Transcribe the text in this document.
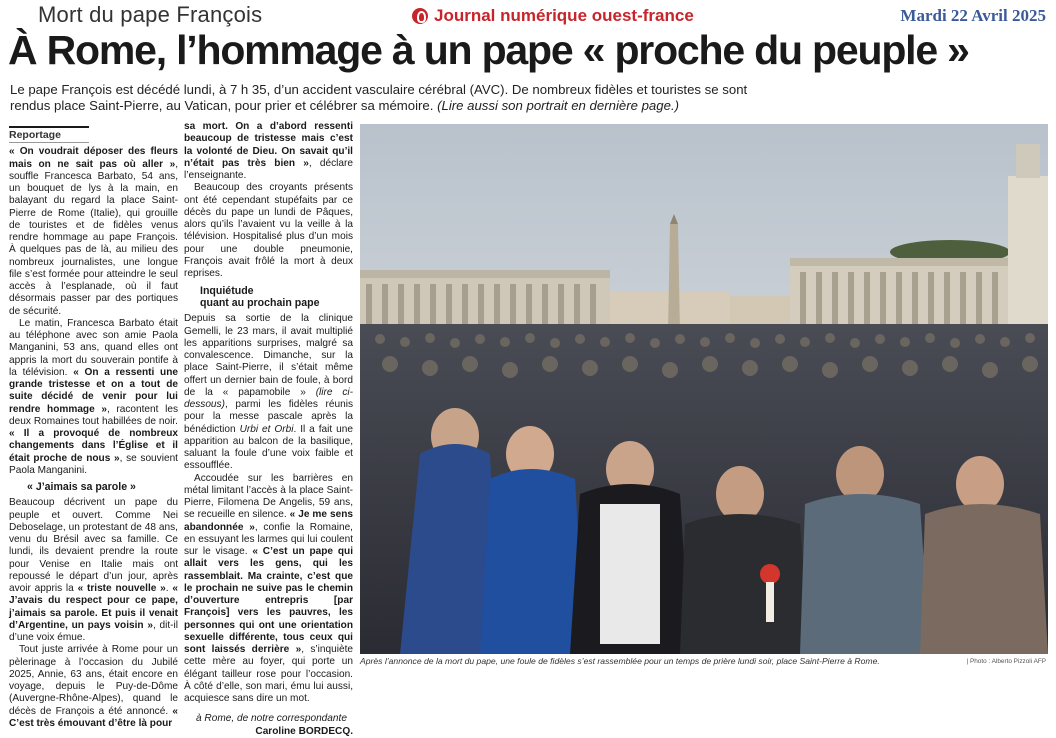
Mort du pape François	Journal numérique ouest-france	Mardi 22 Avril 2025
À Rome, l’hommage à un pape « proche du peuple »
Le pape François est décédé lundi, à 7 h 35, d’un accident vasculaire cérébral (AVC). De nombreux fidèles et touristes se sont rendus place Saint-Pierre, au Vatican, pour prier et célébrer sa mémoire. (Lire aussi son portrait en dernière page.)
Reportage

« On voudrait déposer des fleurs mais on ne sait pas où aller », souffle Francesca Barbato, 54 ans, un bouquet de lys à la main, en balayant du regard la place Saint-Pierre de Rome (Italie), qui grouille de touristes et de fidèles venus rendre hommage au pape François. À quelques pas de là, au milieu des nombreux journalistes, une longue file s’est formée pour atteindre le seul accès à l’esplanade, où il faut désormais passer par des portiques de sécurité.

Le matin, Francesca Barbato était au téléphone avec son amie Paola Manganini, 53 ans, quand elles ont appris la mort du souverain pontife à la télévision. « On a ressenti une grande tristesse et on a tout de suite décidé de venir pour lui rendre hommage », racontent les deux Romaines tout habillées de noir. « Il a provoqué de nombreux changements dans l’Église et il était proche de nous », se souvient Paola Manganini.

« J’aimais sa parole »

Beaucoup décrivent un pape du peuple et ouvert. Comme Nei Deboselage, un protestant de 48 ans, venu du Brésil avec sa famille. Ce lundi, ils devaient prendre la route pour Venise en Italie mais ont repoussé le départ d’un jour, après avoir appris la « triste nouvelle ». « J’avais du respect pour ce pape, j’aimais sa parole. Et puis il venait d’Argentine, un pays voisin », dit-il d’une voix émue.

Tout juste arrivée à Rome pour un pèlerinage à l’occasion du Jubilé 2025, Annie, 63 ans, était encore en voyage, depuis le Puy-de-Dôme (Auvergne-Rhône-Alpes), quand le décès de François a été annoncé. « C’est très émouvant d’être là pour

sa mort. On a d’abord ressenti beaucoup de tristesse mais c’est la volonté de Dieu. On savait qu’il n’était pas très bien », déclare l’enseignante.

Beaucoup des croyants présents ont été cependant stupéfaits par ce décès du pape un lundi de Pâques, alors qu’ils l’avaient vu la veille à la télévision. Hospitalisé plus d’un mois pour une double pneumonie, François avait frôlé la mort à deux reprises.

Inquiétude
quant au prochain pape

Depuis sa sortie de la clinique Gemelli, le 23 mars, il avait multiplié les apparitions surprises, malgré sa convalescence. Dimanche, sur la place Saint-Pierre, il s’était même offert un dernier bain de foule, à bord de la « papamobile » (lire ci-dessous), parmi les fidèles réunis pour la messe pascale après la bénédiction Urbi et Orbi. Il a fait une apparition au balcon de la basilique, saluant la foule d’une voix faible et essoufflée.

Accoudée sur les barrières en métal limitant l’accès à la place Saint-Pierre, Filomena De Angelis, 59 ans, se recueille en silence. « Je me sens abandonnée », confie la Romaine, en essuyant les larmes qui lui coulent sur le visage. « C’est un pape qui allait vers les gens, qui les rassemblait. Ma crainte, c’est que le prochain ne suive pas le chemin d’ouverture entrepris [par François] vers les pauvres, les personnes qui ont une orientation sexuelle différente, tous ceux qui sont laissés derrière », s’inquiète cette mère au foyer, qui porte un élégant tailleur rose pour l’occasion. À côté d’elle, son mari, ému lui aussi, acquiesce sans dire un mot.

à Rome, de notre correspondante
Caroline BORDECQ.
Après l’annonce de la mort du pape, une foule de fidèles s’est rassemblée pour un temps de prière lundi soir, place Saint-Pierre à Rome.	| Photo : Alberto Pizzoli AFP
